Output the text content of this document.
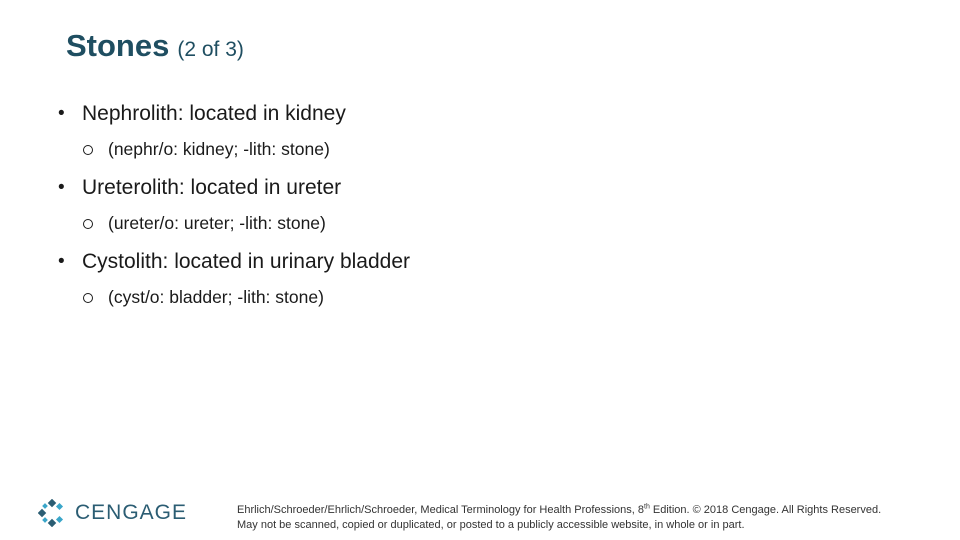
Stones (2 of 3)
• Nephrolith: located in kidney
(nephr/o: kidney; -lith: stone)
• Ureterolith: located in ureter
(ureter/o: ureter; -lith: stone)
• Cystolith: located in urinary bladder
(cyst/o: bladder; -lith: stone)
CENGAGE	Ehrlich/Schroeder/Ehrlich/Schroeder, Medical Terminology for Health Professions, 8th Edition. © 2018 Cengage. All Rights Reserved.
May not be scanned, copied or duplicated, or posted to a publicly accessible website, in whole or in part.
